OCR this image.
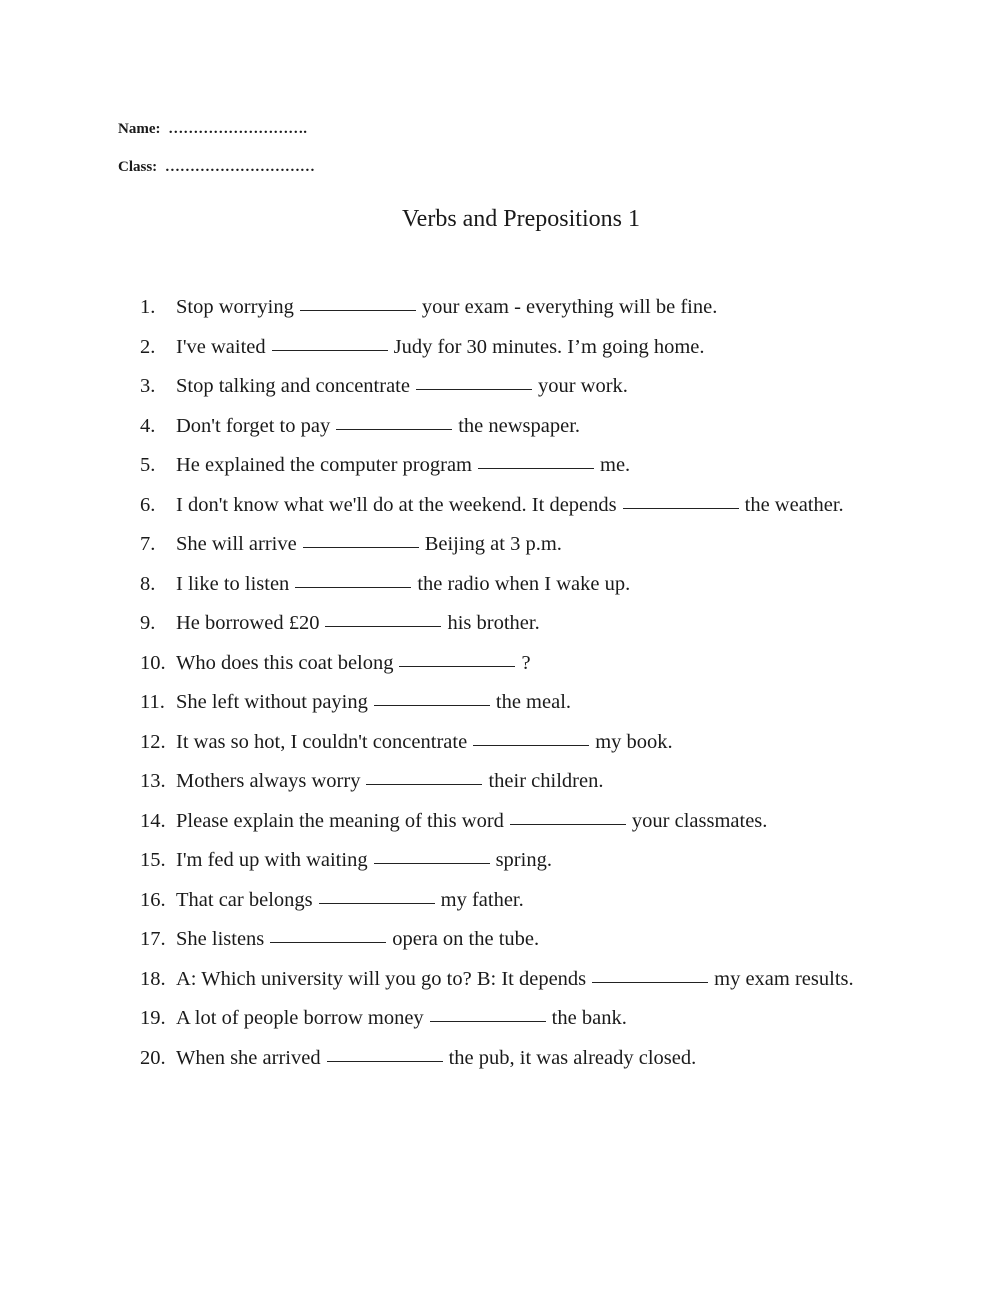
Name: ……………………….
Class: …………………………
Verbs and Prepositions 1
1.	Stop worrying	your exam - everything will be fine.
2.	I've waited	Judy for 30 minutes. I’m going home.
3.	Stop talking and concentrate	your work.
4.	Don't forget to pay	the newspaper.
5.	He explained the computer program	me.
6.	I don't know what we'll do at the weekend. It depends	the weather.
7.	She will arrive	Beijing at 3 p.m.
8.	I like to listen	the radio when I wake up.
9.	He borrowed £20	his brother.
10. Who does this coat belong	?
11. She left without paying	the meal.
12. It was so hot, I couldn't concentrate	my book.
13. Mothers always worry	their children.
14. Please explain the meaning of this word	your classmates.
15. I'm fed up with waiting	spring.
16. That car belongs	my father.
17. She listens	opera on the tube.
18. A: Which university will you go to? B: It depends	my exam results.
19. A lot of people borrow money	the bank.
20. When she arrived	the pub, it was already closed.
